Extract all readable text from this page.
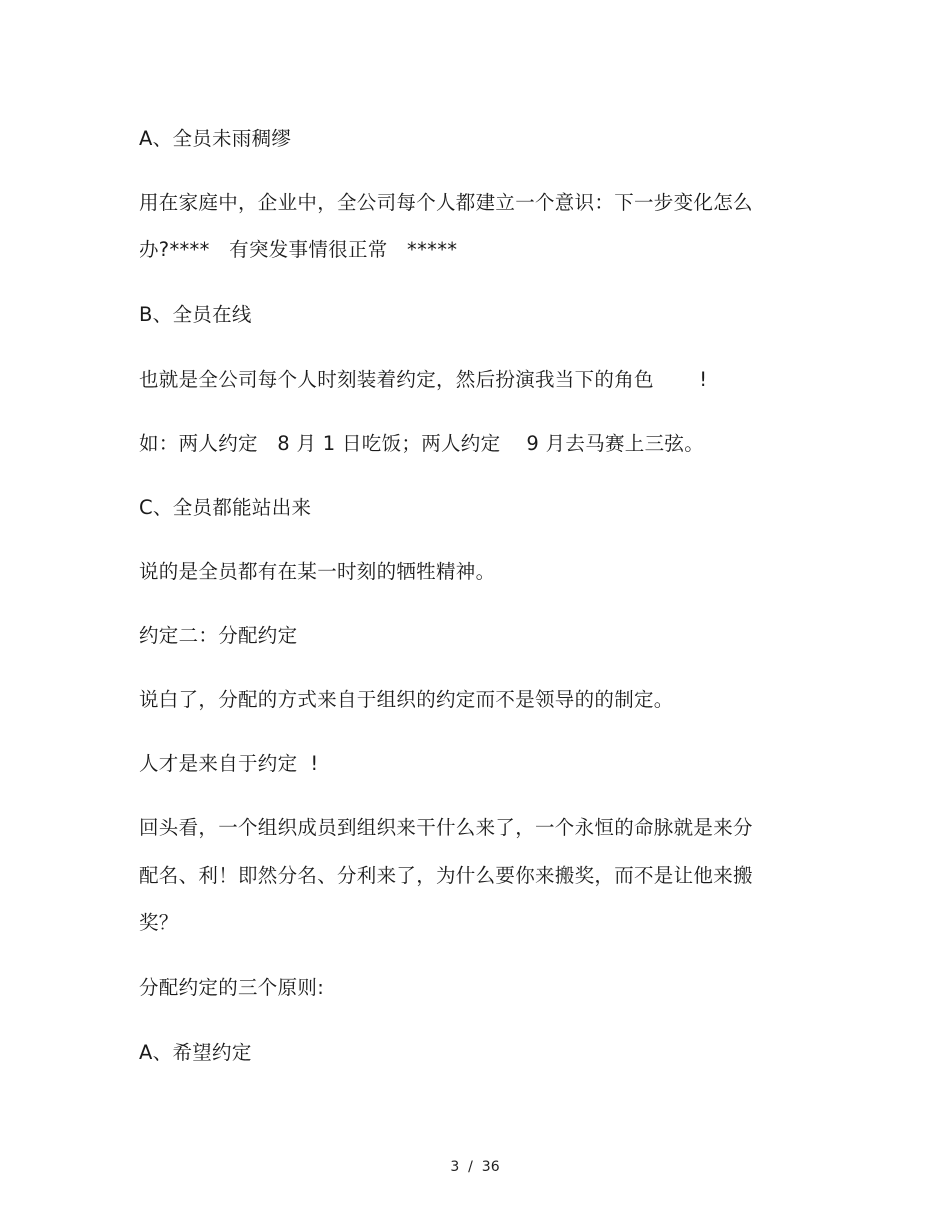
A、全员未雨稠缪
用在家庭中，企业中，全公司每个人都建立一个意识：下一步变化怎么
办?****   有突发事情很正常   *****
B、全员在线
也就是全公司每个人时刻装着约定，然后扮演我当下的角色       !
如：两人约定   8 月 1 日吃饭；两人约定    9 月去马赛上三弦。
C、全员都能站出来
说的是全员都有在某一时刻的牺牲精神。
约定二：分配约定
说白了，分配的方式来自于组织的约定而不是领导的的制定。
人才是来自于约定  !
回头看，一个组织成员到组织来干什么来了，一个永恒的命脉就是来分
配名、利！即然分名、分利来了，为什么要你来搬奖，而不是让他来搬
奖？
分配约定的三个原则:
A、希望约定
3  /  36
